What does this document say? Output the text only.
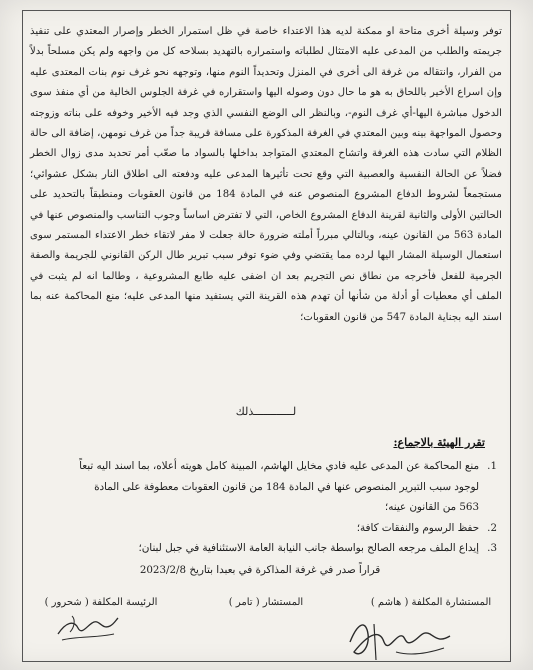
توفر وسيلة أخرى متاحة او ممكنة لديه هذا الاعتداء خاصة في ظل استمرار الخطر وإصرار المعتدي على تنفيذ جريمته والطلب من المدعى عليه الامتثال لطلباته واستمراره بالتهديد بسلاحه كل من واجهه ولم يكن مسلحاً بدلاً من الفرار، وانتقاله من غرفة الى أخرى في المنزل وتحديداً النوم منها، وتوجهه نحو غرف نوم بنات المعتدى عليه وإن اسراع الأخير باللحاق به هو ما حال دون وصوله اليها واستقراره في غرفة الجلوس الخالية من أي منفذ سوى الدخول مباشرة اليها-أي غرف النوم-، وبالنظر الى الوضع النفسي الذي وجد فيه الأخير وخوفه على بناته وزوجته وحصول المواجهة بينه وبين المعتدي في الغرفة المذكورة على مسافة قريبة جداً من غرف نومهن، إضافة الى حالة الظلام التي سادت هذه الغرفة واتشاح المعتدي المتواجد بداخلها بالسواد ما صعّب أمر تحديد مدى زوال الخطر فضلاً عن الحالة النفسية والعصبية التي وقع تحت تأثيرها المدعى عليه ودفعته الى اطلاق النار بشكل عشوائي؛ مستجمعاً لشروط الدفاع المشروع المنصوص عنه في المادة 184 من قانون العقوبات ومنطبقاً بالتحديد على الحالتين الأولى والثانية لقرينة الدفاع المشروع الخاص، التي لا تفترض اساساً وجوب التناسب والمنصوص عنها في المادة 563 من القانون عينه، وبالتالي مبرراً أملته ضرورة حالة جعلت لا مفر لاتقاء خطر الاعتداء المستمر سوى استعمال الوسيلة المشار اليها لرده مما يقتضي وفي ضوء توفر سبب تبرير طال الركن القانوني للجريمة والصفة الجرمية للفعل فأخرجه من نطاق نص التجريم بعد ان اضفى عليه طابع المشروعية ، وطالما انه لم يثبت في الملف أي معطيات أو أدلة من شأنها أن تهدم هذه القرينة التي يستفيد منها المدعى عليه؛ منع المحاكمة عنه بما اسند اليه بجناية المادة 547 من قانون العقوبات؛

لــــــــــــذلك
تقرر الهيئة بالاجماع:
1.
منع المحاكمة عن المدعى عليه فادي مخايل الهاشم، المبينة كامل هويته أعلاه، بما اسند اليه تبعاً لوجود سبب التبرير المنصوص عنها في المادة 184 من قانون العقوبات معطوفة على المادة 563 من القانون عينه؛
2.
حفظ الرسوم والنفقات كافة؛
3.
إيداع الملف مرجعه الصالح بواسطة جانب النيابة العامة الاستئنافية في جبل لبنان؛
قراراً صدر في غرفة المذاكرة في بعبدا بتاريخ 2023/2/8
المستشارة المكلفة ( هاشم )
المستشار ( تامر )
الرئيسة المكلفة ( شحرور )
